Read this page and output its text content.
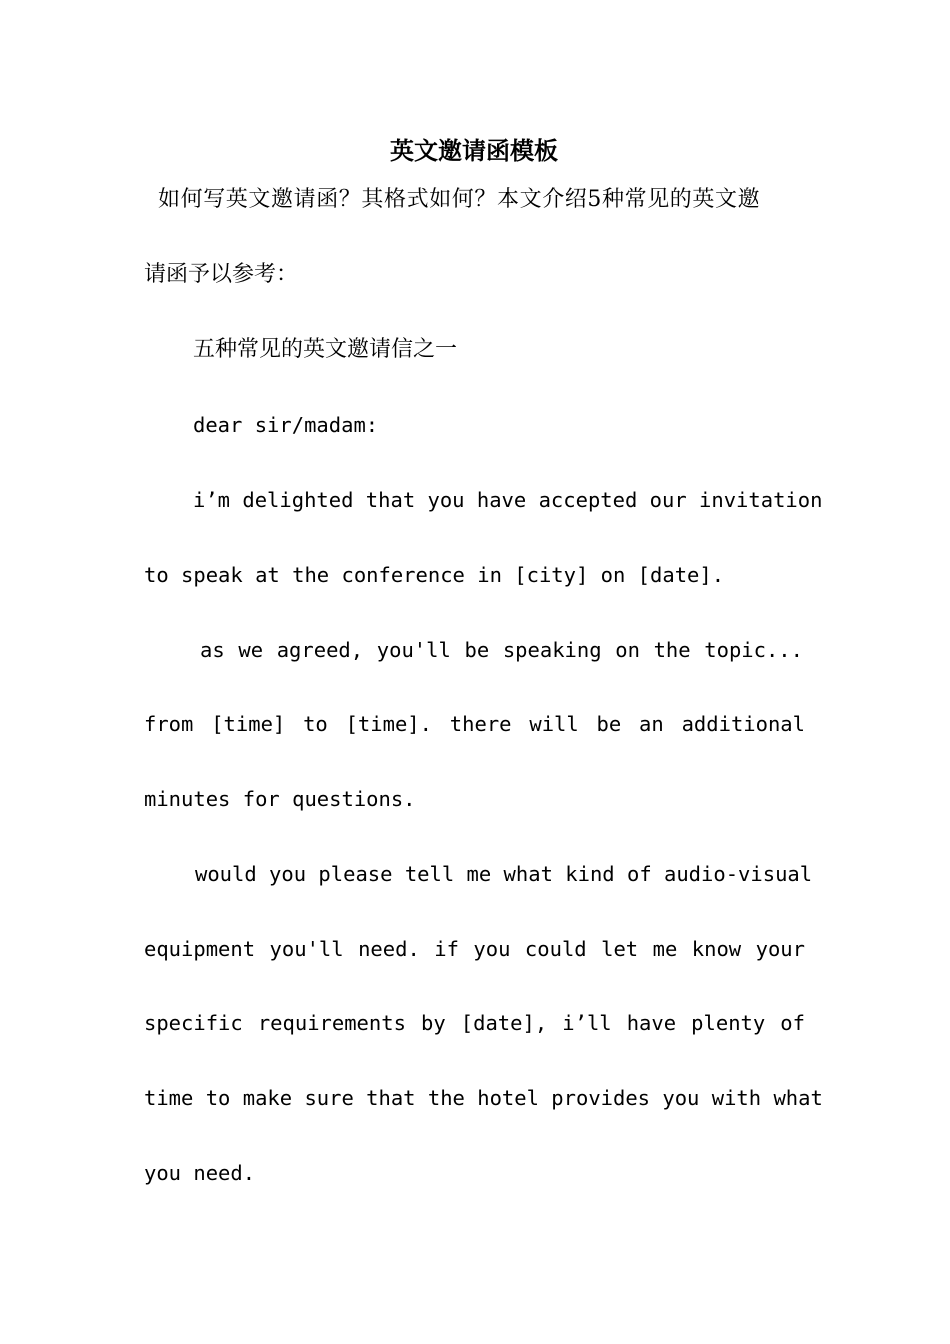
英文邀请函模板

如何写英文邀请函？其格式如何？本文介绍5种常见的英文邀

请函予以参考：

五种常见的英文邀请信之一

dear sir/madam:

i’m delighted that you have accepted our invitation

to speak at the conference in [city] on [date].

as we agreed, you'll be speaking on the topic...

from [time] to [time]. there will be an additional

minutes for questions.

would you please tell me what kind of audio-visual

equipment you'll need. if you could let me know your

specific requirements by [date], i’ll have plenty of

time to make sure that the hotel provides you with what

you need.
